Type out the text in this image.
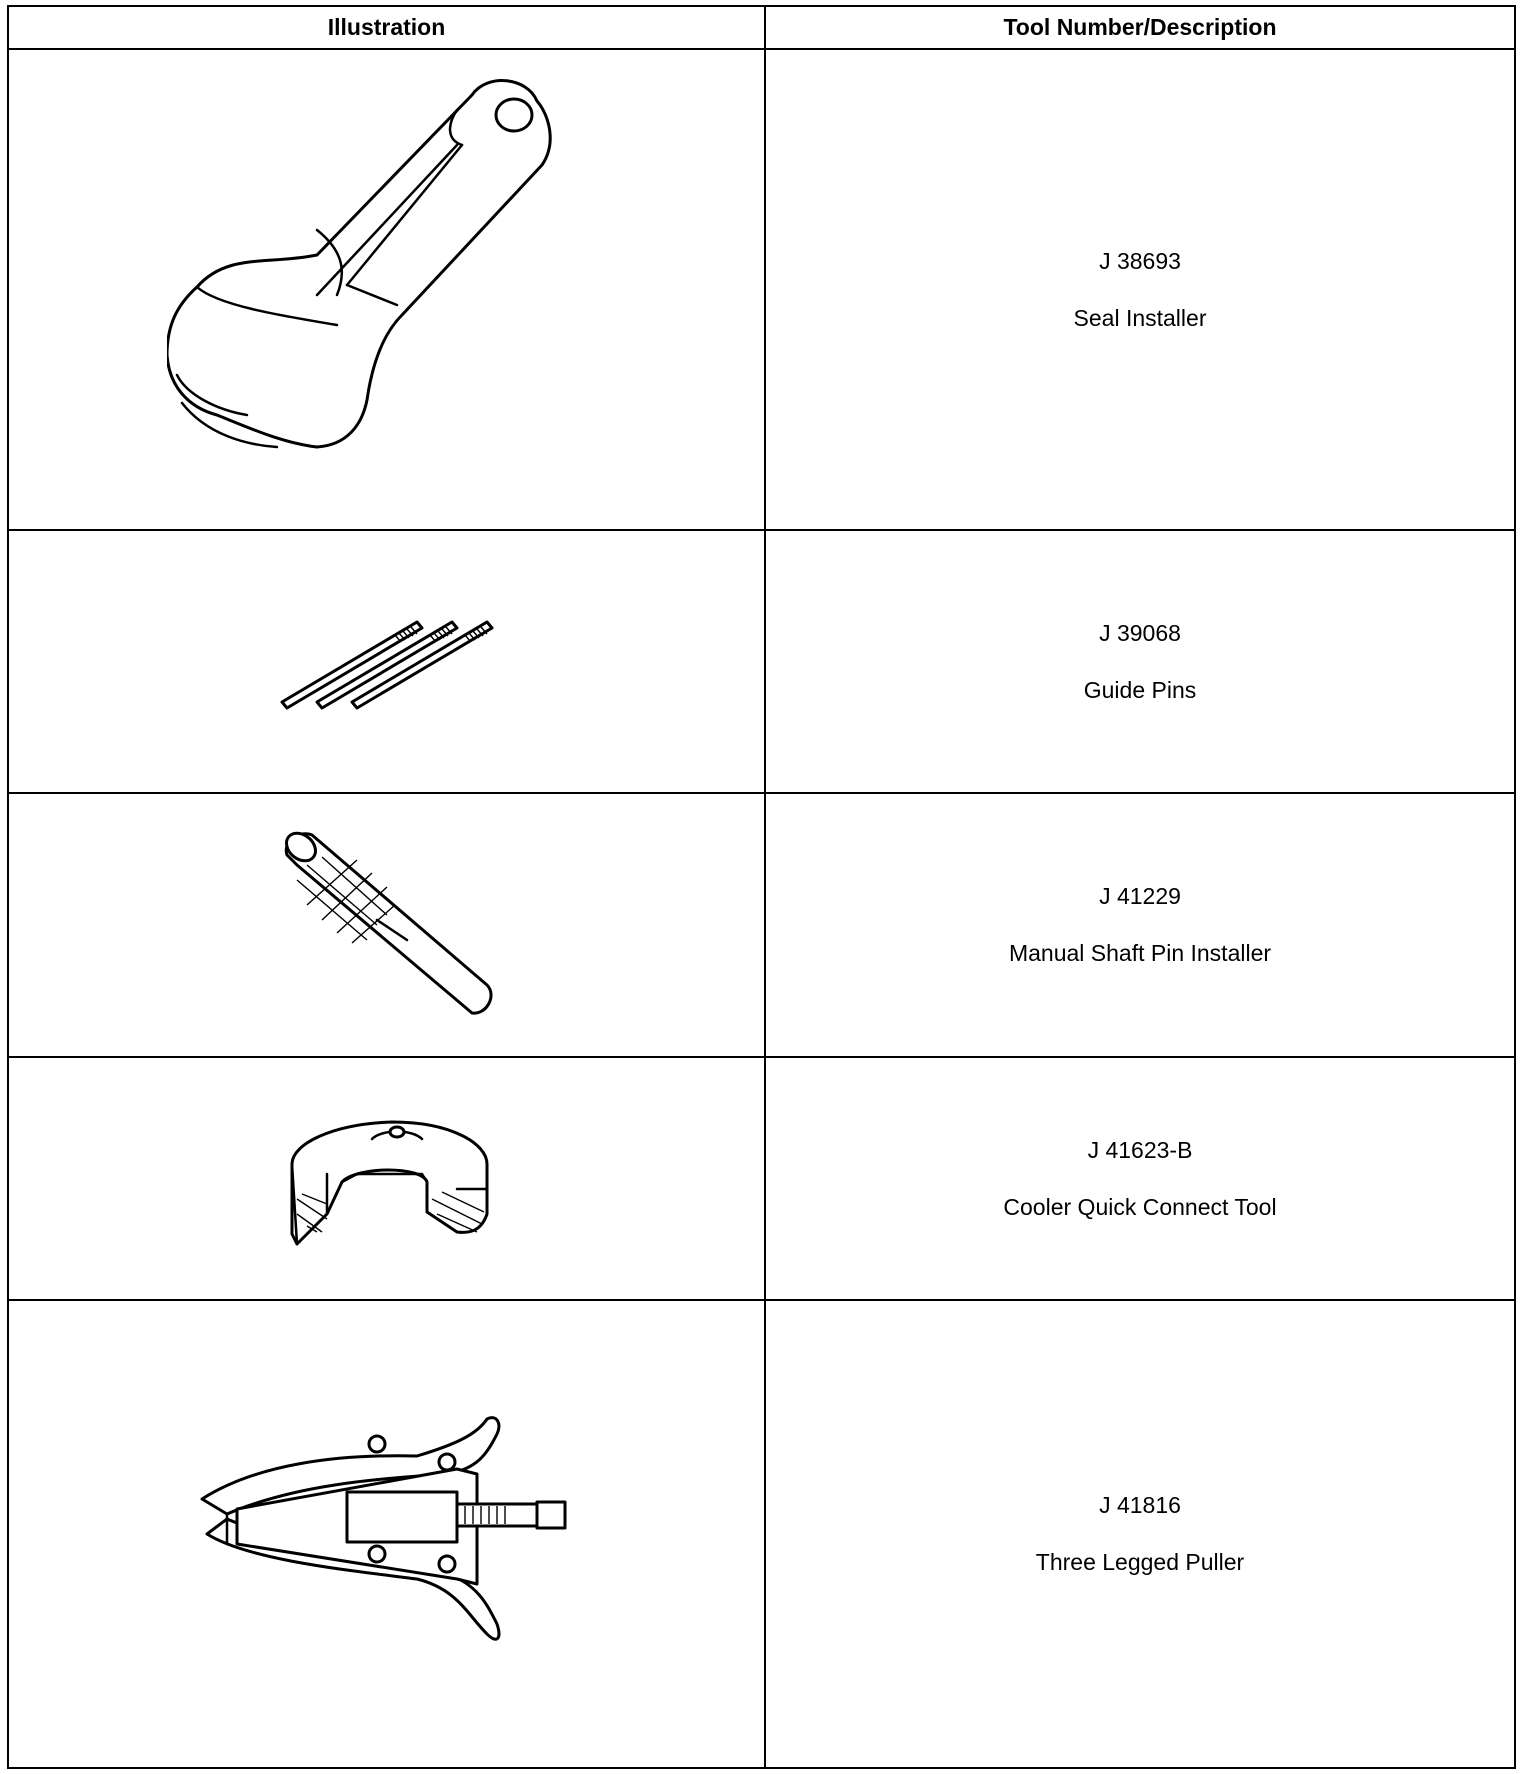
Illustration	Tool Number/Description

J 38693
Seal Installer

J 39068
Guide Pins

J 41229
Manual Shaft Pin Installer

J 41623-B
Cooler Quick Connect Tool

J 41816
Three Legged Puller
